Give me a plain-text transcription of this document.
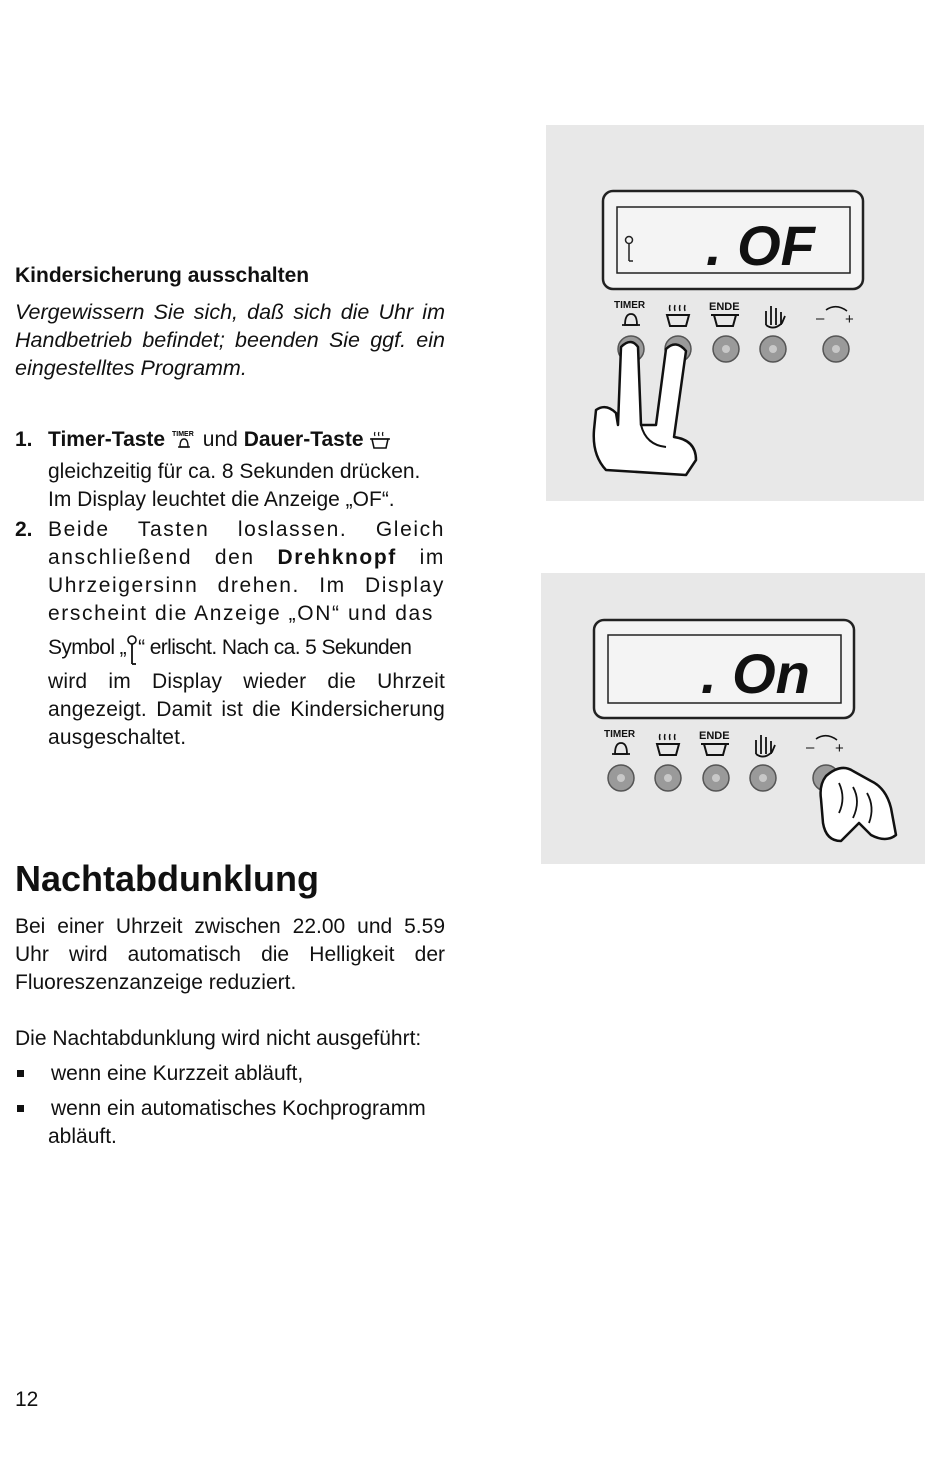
Kindersicherung ausschalten
Vergewissern Sie sich, daß sich die Uhr im Handbetrieb befindet; beenden Sie ggf. ein eingestelltes Programm.
1. Timer-Taste TIMER und Dauer-Taste
gleichzeitig für ca. 8 Sekunden drücken.
Im Display leuchtet die Anzeige „OF“.
2. Beide Tasten loslassen. Gleich anschließend den Drehknopf im Uhrzeigersinn drehen. Im Display erscheint die Anzeige „ON“ und das
Symbol „ “ erlischt. Nach ca. 5 Sekunden
wird im Display wieder die Uhrzeit angezeigt. Damit ist die Kindersicherung ausgeschaltet.
Nachtabdunklung
Bei einer Uhrzeit zwischen 22.00 und 5.59 Uhr wird automatisch die Helligkeit der Fluoreszenzanzeige reduziert.
Die Nachtabdunklung wird nicht ausgeführt:
wenn eine Kurzzeit abläuft,
wenn ein automatisches Kochprogramm
abläuft.
12
. OF
TIMER	ENDE
– +
. On
TIMER	ENDE
– +
